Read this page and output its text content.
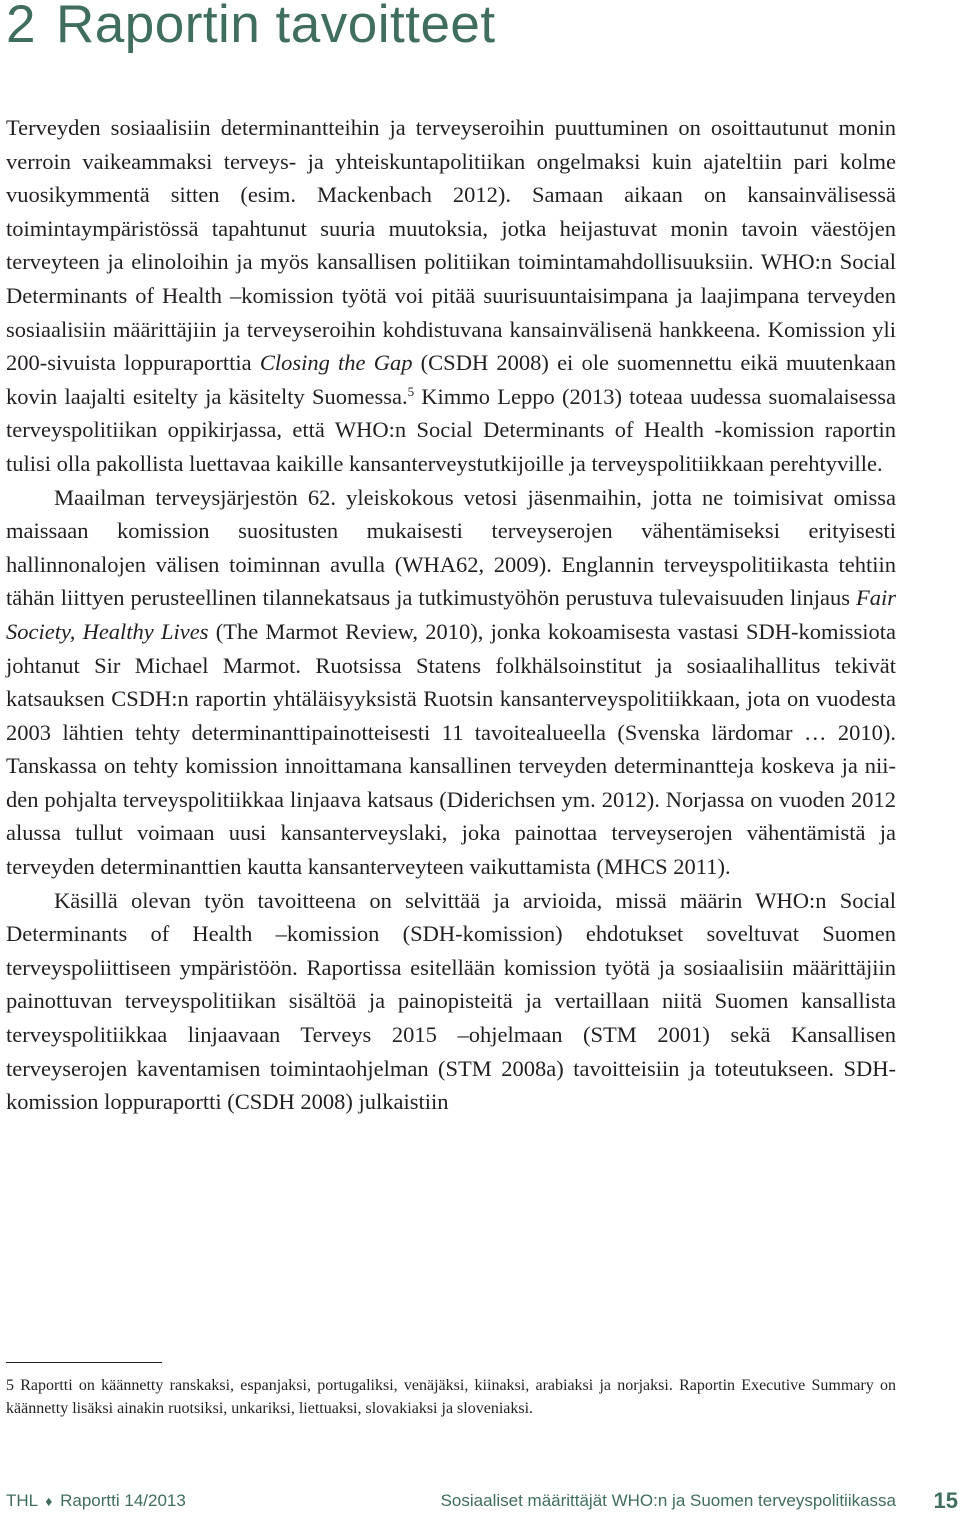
2 Raportin tavoitteet

Terveyden sosiaalisiin determinantteihin ja terveyseroihin puuttuminen on osoittautunut monin verroin vaikeammaksi terveys- ja yhteiskuntapolitiikan ongelmaksi kuin ajateltiin pari kolme vuosikymmentä sitten (esim. Mackenbach 2012). Samaan aikaan on kansainvälisessä toimintaympäristössä tapahtunut suuria muutoksia, jotka heijastuvat monin tavoin väestöjen terveyteen ja elinoloihin ja myös kansallisen politiikan toimintamahdollisuuksiin. WHO:n Social Determinants of Health –komission työtä voi pitää suurisuuntaisimpana ja laajimpana terveyden sosiaalisiin määrittäjiin ja terveyseroihin kohdistuvana kansainvälisenä hankkeena. Komission yli 200-sivuista loppuraporttia Closing the Gap (CSDH 2008) ei ole suomennettu eikä muutenkaan kovin laajalti esitelty ja käsitelty Suomessa.$^5$ Kimmo Leppo (2013) toteaa uudessa suomalaisessa terveyspolitiikan oppikirjassa, että WHO:n Social Determinants of Health -komission raportin tulisi olla pakollista luettavaa kaikille kansanterveystutkijoille ja terveyspolitiikkaan perehtyville.

Maailman terveysjärjestön 62. yleiskokous vetosi jäsenmaihin, jotta ne toimisivat omissa maissaan komission suositusten mukaisesti terveyserojen vähentämiseksi erityisesti hallinnonalojen välisen toiminnan avulla (WHA62, 2009). Englannin terveyspolitiikasta tehtiin tähän liittyen perusteellinen tilannekatsaus ja tutkimustyöhön perustuva tulevaisuuden linjaus Fair Society, Healthy Lives (The Marmot Review, 2010), jonka kokoamisesta vastasi SDH-komissiota johtanut Sir Michael Marmot. Ruotsissa Statens folkhälsoinstitut ja sosiaalihallitus tekivät katsauksen CSDH:n raportin yhtäläisyyksistä Ruotsin kansanterveyspolitiikkaan, jota on vuodesta 2003 lähtien tehty determinanttipainotteisesti 11 tavoitealueella (Svenska lärdomar … 2010). Tanskassa on tehty komission innoittamana kansallinen terveyden determinantteja koskeva ja niiden pohjalta terveyspolitiikkaa linjaava katsaus (Diderichsen ym. 2012). Norjassa on vuoden 2012 alussa tullut voimaan uusi kansanterveyslaki, joka painottaa terveyserojen vähentämistä ja terveyden determinanttien kautta kansanterveyteen vaikuttamista (MHCS 2011).

Käsillä olevan työn tavoitteena on selvittää ja arvioida, missä määrin WHO:n Social Determinants of Health –komission (SDH-komission) ehdotukset soveltuvat Suomen terveyspoliittiseen ympäristöön. Raportissa esitellään komission työtä ja sosiaalisiin määrittäjiin painottuvan terveyspolitiikan sisältöä ja painopisteitä ja vertaillaan niitä Suomen kansallista terveyspolitiikkaa linjaavaan Terveys 2015 –ohjelmaan (STM 2001) sekä Kansallisen terveyserojen kaventamisen toimintaohjelman (STM 2008a) tavoitteisiin ja toteutukseen. SDH-komission loppuraportti (CSDH 2008) julkaistiin

5 Raportti on käännetty ranskaksi, espanjaksi, portugaliksi, venäjäksi, kiinaksi, arabiaksi ja norjaksi. Raportin Executive Summary on käännetty lisäksi ainakin ruotsiksi, unkariksi, liettuaksi, slovakiaksi ja sloveniaksi.

THL ♦ Raportti 14/2013	Sosiaaliset määrittäjät WHO:n ja Suomen terveyspolitiikassa 15
